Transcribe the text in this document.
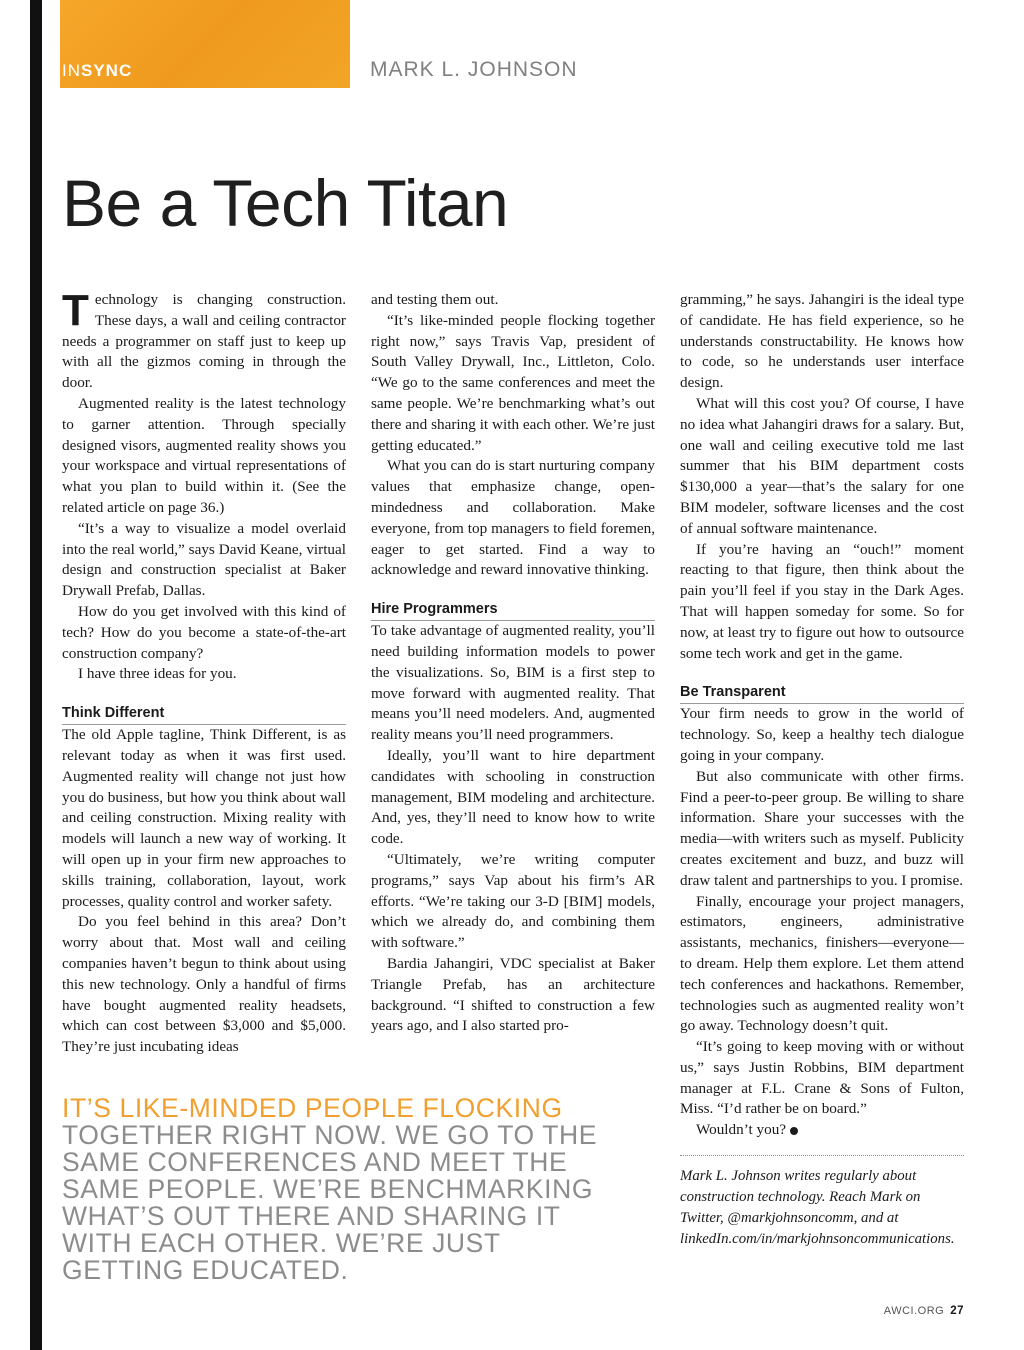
INSYNC	MARK L. JOHNSON
Be a Tech Titan

Technology is changing construction. These days, a wall and ceiling contractor needs a programmer on staff just to keep up with all the gizmos coming in through the door.

Augmented reality is the latest technology to garner attention. Through specially designed visors, augmented reality shows you your workspace and virtual representations of what you plan to build within it. (See the related article on page 36.)

“It’s a way to visualize a model overlaid into the real world,” says David Keane, virtual design and construction specialist at Baker Drywall Prefab, Dallas.

How do you get involved with this kind of tech? How do you become a state-of-the-art construction company?

I have three ideas for you.

Think Different

The old Apple tagline, Think Different, is as relevant today as when it was first used. Augmented reality will change not just how you do business, but how you think about wall and ceiling construction. Mixing reality with models will launch a new way of working. It will open up in your firm new approaches to skills training, collaboration, layout, work processes, quality control and worker safety.

Do you feel behind in this area? Don’t worry about that. Most wall and ceiling companies haven’t begun to think about using this new technology. Only a handful of firms have bought augmented reality headsets, which can cost between $3,000 and $5,000. They’re just incubating ideas

and testing them out.

“It’s like-minded people flocking together right now,” says Travis Vap, president of South Valley Drywall, Inc., Littleton, Colo. “We go to the same conferences and meet the same people. We’re benchmarking what’s out there and sharing it with each other. We’re just getting educated.”

What you can do is start nurturing company values that emphasize change, open-mindedness and collaboration. Make everyone, from top managers to field foremen, eager to get started. Find a way to acknowledge and reward innovative thinking.

Hire Programmers

To take advantage of augmented reality, you’ll need building information models to power the visualizations. So, BIM is a first step to move forward with augmented reality. That means you’ll need modelers. And, augmented reality means you’ll need programmers.

Ideally, you’ll want to hire department candidates with schooling in construction management, BIM modeling and architecture. And, yes, they’ll need to know how to write code.

“Ultimately, we’re writing computer programs,” says Vap about his firm’s AR efforts. “We’re taking our 3-D [BIM] models, which we already do, and combining them with software.”

Bardia Jahangiri, VDC specialist at Baker Triangle Prefab, has an architecture background. “I shifted to construction a few years ago, and I also started pro-

gramming,” he says. Jahangiri is the ideal type of candidate. He has field experience, so he understands constructability. He knows how to code, so he understands user interface design.

What will this cost you? Of course, I have no idea what Jahangiri draws for a salary. But, one wall and ceiling executive told me last summer that his BIM department costs $130,000 a year—that’s the salary for one BIM modeler, software licenses and the cost of annual software maintenance.

If you’re having an “ouch!” moment reacting to that figure, then think about the pain you’ll feel if you stay in the Dark Ages. That will happen someday for some. So for now, at least try to figure out how to outsource some tech work and get in the game.

Be Transparent

Your firm needs to grow in the world of technology. So, keep a healthy tech dialogue going in your company.

But also communicate with other firms. Find a peer-to-peer group. Be willing to share information. Share your successes with the media—with writers such as myself. Publicity creates excitement and buzz, and buzz will draw talent and partnerships to you. I promise.

Finally, encourage your project managers, estimators, engineers, administrative assistants, mechanics, finishers—everyone—to dream. Help them explore. Let them attend tech conferences and hackathons. Remember, technologies such as augmented reality won’t go away. Technology doesn’t quit.

“It’s going to keep moving with or without us,” says Justin Robbins, BIM department manager at F.L. Crane & Sons of Fulton, Miss. “I’d rather be on board.”

Wouldn’t you?

Mark L. Johnson writes regularly about construction technology. Reach Mark on Twitter, @markjohnsoncomm, and at linkedIn.com/in/markjohnsoncommunications.

IT’S LIKE-MINDED PEOPLE FLOCKING TOGETHER RIGHT NOW. WE GO TO THE SAME CONFERENCES AND MEET THE SAME PEOPLE. WE’RE BENCHMARKING WHAT’S OUT THERE AND SHARING IT WITH EACH OTHER. WE’RE JUST GETTING EDUCATED.

AWCI.ORG 27
